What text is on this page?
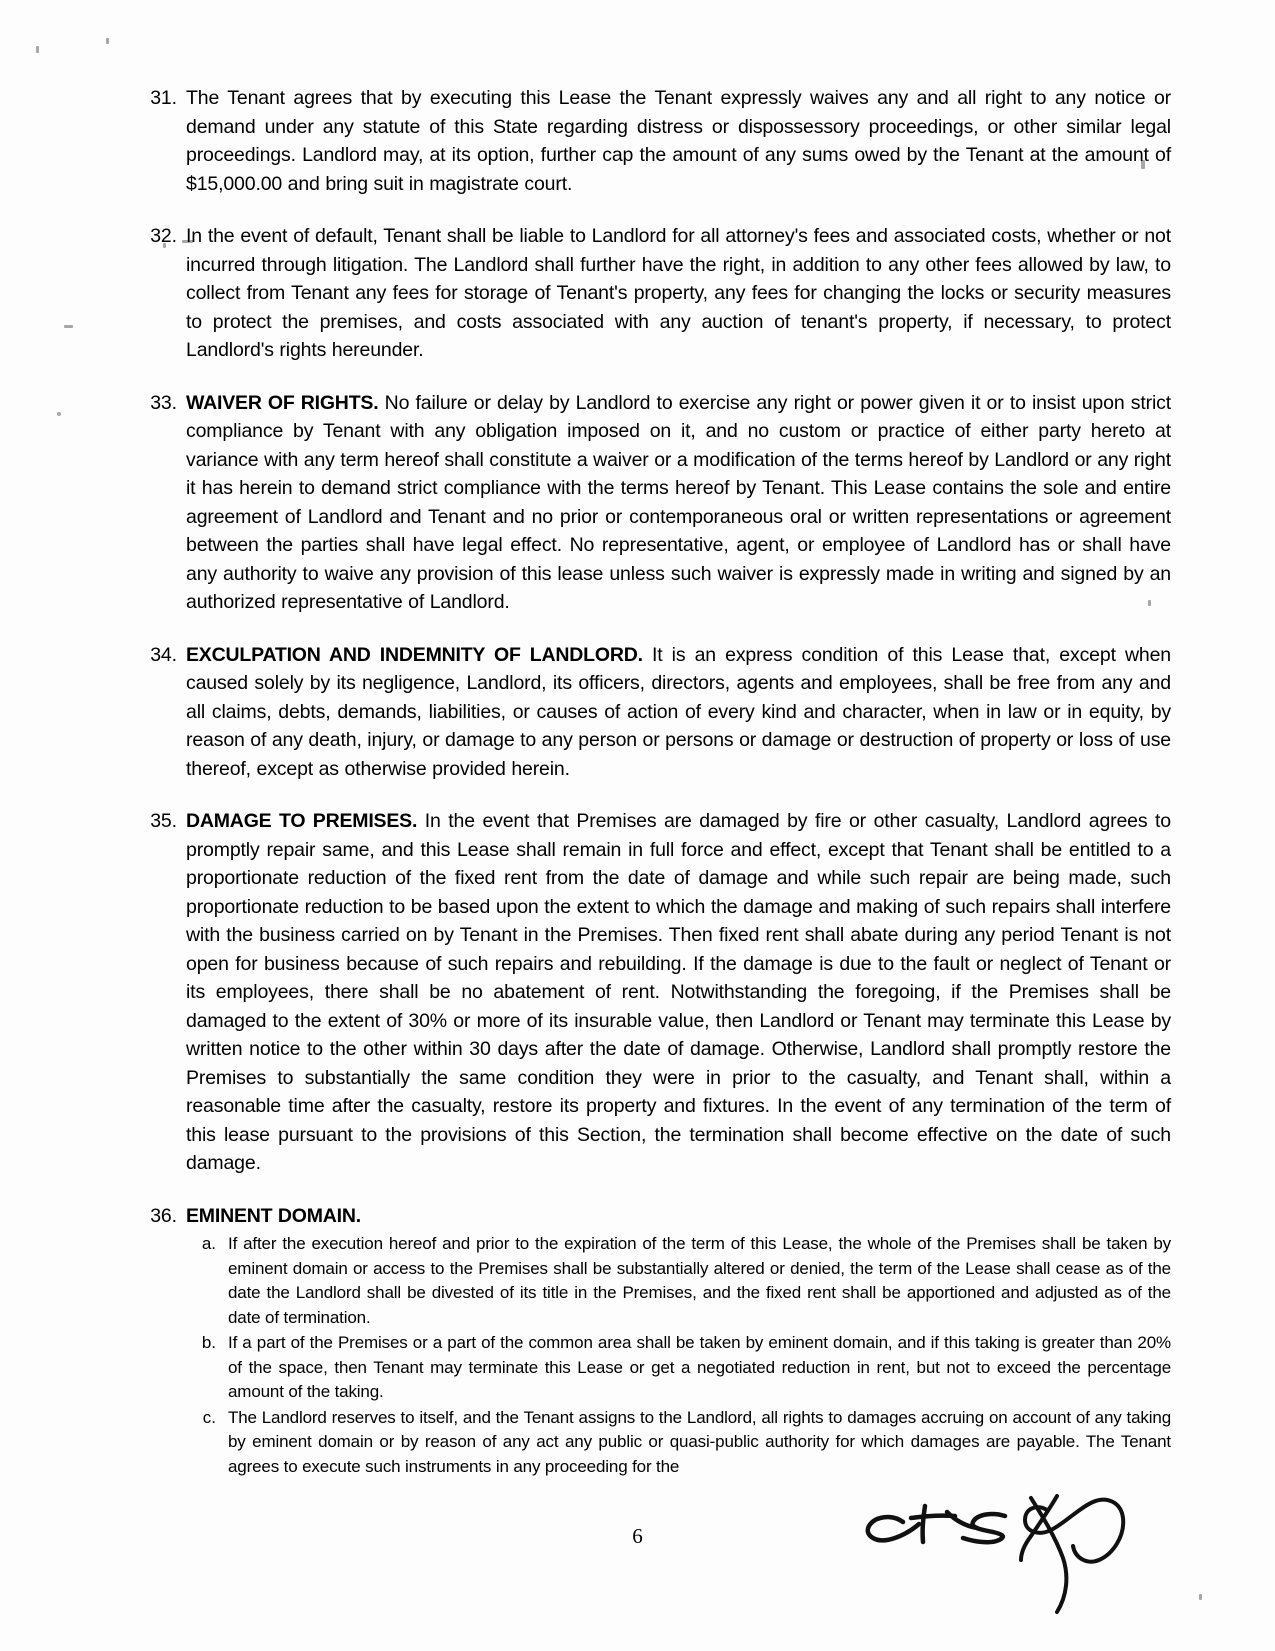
31. The Tenant agrees that by executing this Lease the Tenant expressly waives any and all right to any notice or demand under any statute of this State regarding distress or dispossessory proceedings, or other similar legal proceedings. Landlord may, at its option, further cap the amount of any sums owed by the Tenant at the amount of $15,000.00 and bring suit in magistrate court.
32. In the event of default, Tenant shall be liable to Landlord for all attorney's fees and associated costs, whether or not incurred through litigation. The Landlord shall further have the right, in addition to any other fees allowed by law, to collect from Tenant any fees for storage of Tenant's property, any fees for changing the locks or security measures to protect the premises, and costs associated with any auction of tenant's property, if necessary, to protect Landlord's rights hereunder.
33. WAIVER OF RIGHTS. No failure or delay by Landlord to exercise any right or power given it or to insist upon strict compliance by Tenant with any obligation imposed on it, and no custom or practice of either party hereto at variance with any term hereof shall constitute a waiver or a modification of the terms hereof by Landlord or any right it has herein to demand strict compliance with the terms hereof by Tenant. This Lease contains the sole and entire agreement of Landlord and Tenant and no prior or contemporaneous oral or written representations or agreement between the parties shall have legal effect. No representative, agent, or employee of Landlord has or shall have any authority to waive any provision of this lease unless such waiver is expressly made in writing and signed by an authorized representative of Landlord.
34. EXCULPATION AND INDEMNITY OF LANDLORD. It is an express condition of this Lease that, except when caused solely by its negligence, Landlord, its officers, directors, agents and employees, shall be free from any and all claims, debts, demands, liabilities, or causes of action of every kind and character, when in law or in equity, by reason of any death, injury, or damage to any person or persons or damage or destruction of property or loss of use thereof, except as otherwise provided herein.
35. DAMAGE TO PREMISES. In the event that Premises are damaged by fire or other casualty, Landlord agrees to promptly repair same, and this Lease shall remain in full force and effect, except that Tenant shall be entitled to a proportionate reduction of the fixed rent from the date of damage and while such repair are being made, such proportionate reduction to be based upon the extent to which the damage and making of such repairs shall interfere with the business carried on by Tenant in the Premises. Then fixed rent shall abate during any period Tenant is not open for business because of such repairs and rebuilding. If the damage is due to the fault or neglect of Tenant or its employees, there shall be no abatement of rent. Notwithstanding the foregoing, if the Premises shall be damaged to the extent of 30% or more of its insurable value, then Landlord or Tenant may terminate this Lease by written notice to the other within 30 days after the date of damage. Otherwise, Landlord shall promptly restore the Premises to substantially the same condition they were in prior to the casualty, and Tenant shall, within a reasonable time after the casualty, restore its property and fixtures. In the event of any termination of the term of this lease pursuant to the provisions of this Section, the termination shall become effective on the date of such damage.
36. EMINENT DOMAIN.
a. If after the execution hereof and prior to the expiration of the term of this Lease, the whole of the Premises shall be taken by eminent domain or access to the Premises shall be substantially altered or denied, the term of the Lease shall cease as of the date the Landlord shall be divested of its title in the Premises, and the fixed rent shall be apportioned and adjusted as of the date of termination.
b. If a part of the Premises or a part of the common area shall be taken by eminent domain, and if this taking is greater than 20% of the space, then Tenant may terminate this Lease or get a negotiated reduction in rent, but not to exceed the percentage amount of the taking.
c. The Landlord reserves to itself, and the Tenant assigns to the Landlord, all rights to damages accruing on account of any taking by eminent domain or by reason of any act any public or quasi-public authority for which damages are payable. The Tenant agrees to execute such instruments in any proceeding for the
6
